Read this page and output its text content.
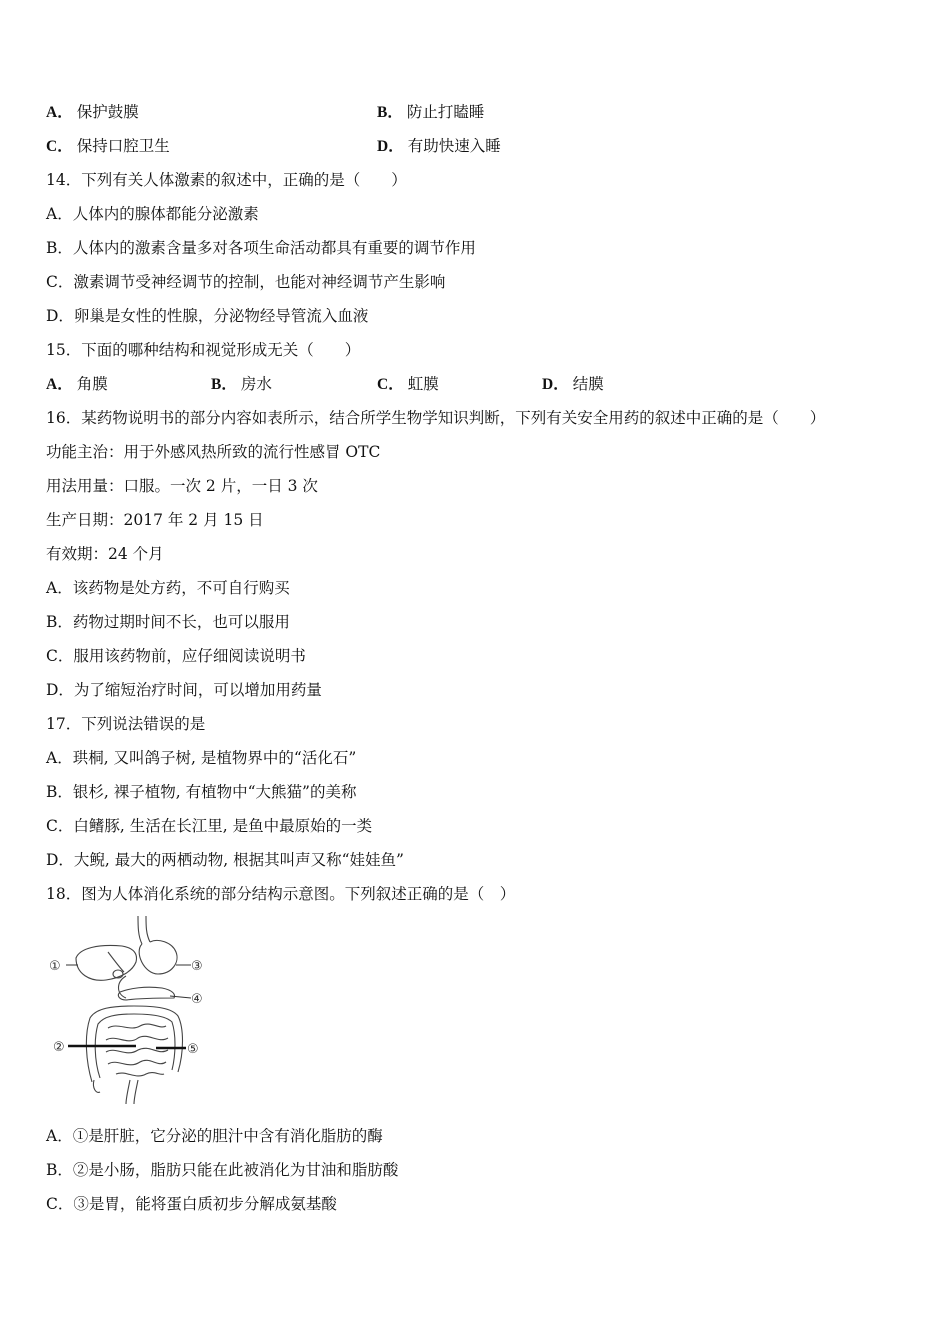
A． 保护鼓膜	B． 防止打瞌睡
C． 保持口腔卫生	D． 有助快速入睡
14．下列有关人体激素的叙述中，正确的是（　　）
A．人体内的腺体都能分泌激素
B．人体内的激素含量多对各项生命活动都具有重要的调节作用
C．激素调节受神经调节的控制，也能对神经调节产生影响
D．卵巢是女性的性腺，分泌物经导管流入血液
15．下面的哪种结构和视觉形成无关（　　）
A． 角膜	B． 房水	C． 虹膜	D． 结膜
16．某药物说明书的部分内容如表所示，结合所学生物学知识判断，下列有关安全用药的叙述中正确的是（　　）
功能主治：用于外感风热所致的流行性感冒 OTC
用法用量：口服。一次 2 片，一日 3 次
生产日期：2017 年 2 月 15 日
有效期：24 个月
A．该药物是处方药，不可自行购买
B．药物过期时间不长，也可以服用
C．服用该药物前，应仔细阅读说明书
D．为了缩短治疗时间，可以增加用药量
17．下列说法错误的是
A．珙桐, 又叫鸽子树, 是植物界中的“活化石”
B．银杉, 裸子植物, 有植物中“大熊猫”的美称
C．白鳍豚, 生活在长江里, 是鱼中最原始的一类
D．大鲵, 最大的两栖动物, 根据其叫声又称“娃娃鱼”
18．图为人体消化系统的部分结构示意图。下列叙述正确的是（　）
①
②
③
④
⑤
A．①是肝脏，它分泌的胆汁中含有消化脂肪的酶
B．②是小肠，脂肪只能在此被消化为甘油和脂肪酸
C．③是胃，能将蛋白质初步分解成氨基酸
